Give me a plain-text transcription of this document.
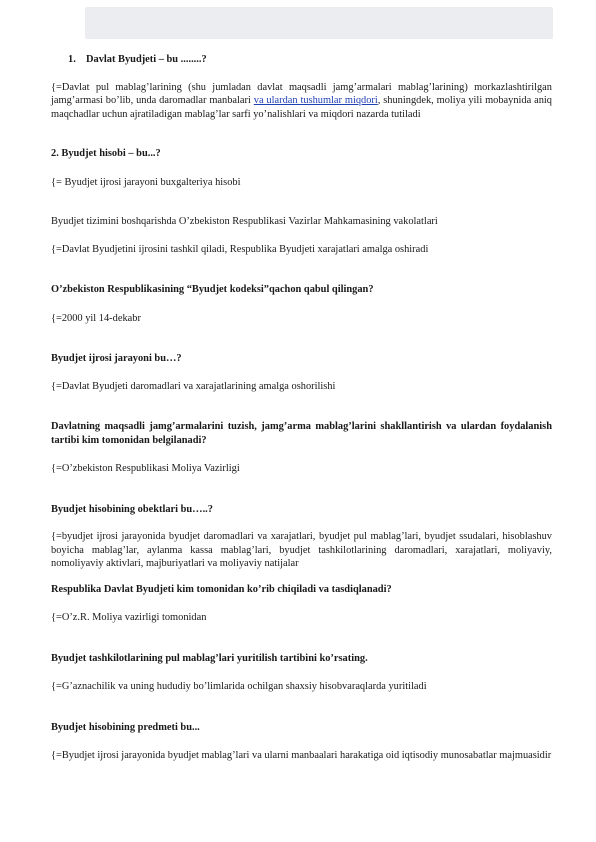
1. Davlat Byudjeti – bu ........?

{=Davlat pul mablag’larining (shu jumladan davlat maqsadli jamg’armalari mablag’larining) morkazlashtirilgan jamg’armasi bo’lib, unda daromadlar manbalari va ulardan tushumlar miqdori, shuningdek, moliya yili mobaynida aniq maqchadlar uchun ajratiladigan mablag’lar sarfi yo’nalishlari va miqdori nazarda tutiladi

2. Byudjet hisobi – bu...?

{= Byudjet ijrosi jarayoni buxgalteriya hisobi

Byudjet tizimini boshqarishda O’zbekiston Respublikasi Vazirlar Mahkamasining vakolatlari

{=Davlat Byudjetini ijrosini tashkil qiladi, Respublika Byudjeti xarajatlari amalga oshiradi

O’zbekiston Respublikasining “Byudjet kodeksi”qachon qabul qilingan?

{=2000 yil 14-dekabr

Byudjet ijrosi jarayoni bu…?

{=Davlat Byudjeti daromadlari va xarajatlarining amalga oshorilishi

Davlatning maqsadli jamg’armalarini tuzish, jamg’arma mablag’larini shakllantirish va ulardan foydalanish tartibi kim tomonidan belgilanadi?

{=O’zbekiston Respublikasi Moliya Vazirligi

Byudjet hisobining obektlari bu…..?

{=byudjet ijrosi jarayonida byudjet daromadlari va xarajatlari, byudjet pul mablag’lari, byudjet ssudalari, hisoblashuv boyicha mablag’lar, aylanma kassa mablag’lari, byudjet tashkilotlarining daromadlari, xarajatlari, moliyaviy, nomoliyaviy aktivlari, majburiyatlari va moliyaviy natijalar

Respublika Davlat Byudjeti kim tomonidan ko’rib chiqiladi va tasdiqlanadi?

{=O’z.R. Moliya vazirligi tomonidan

Byudjet tashkilotlarining pul mablag’lari yuritilish tartibini ko’rsating.

{=G’aznachilik va uning hududiy bo’limlarida ochilgan shaxsiy hisobvaraqlarda yuritiladi

Byudjet hisobining predmeti bu...

{=Byudjet ijrosi jarayonida byudjet mablag’lari va ularni manbaalari harakatiga oid iqtisodiy munosabatlar majmuasidir
